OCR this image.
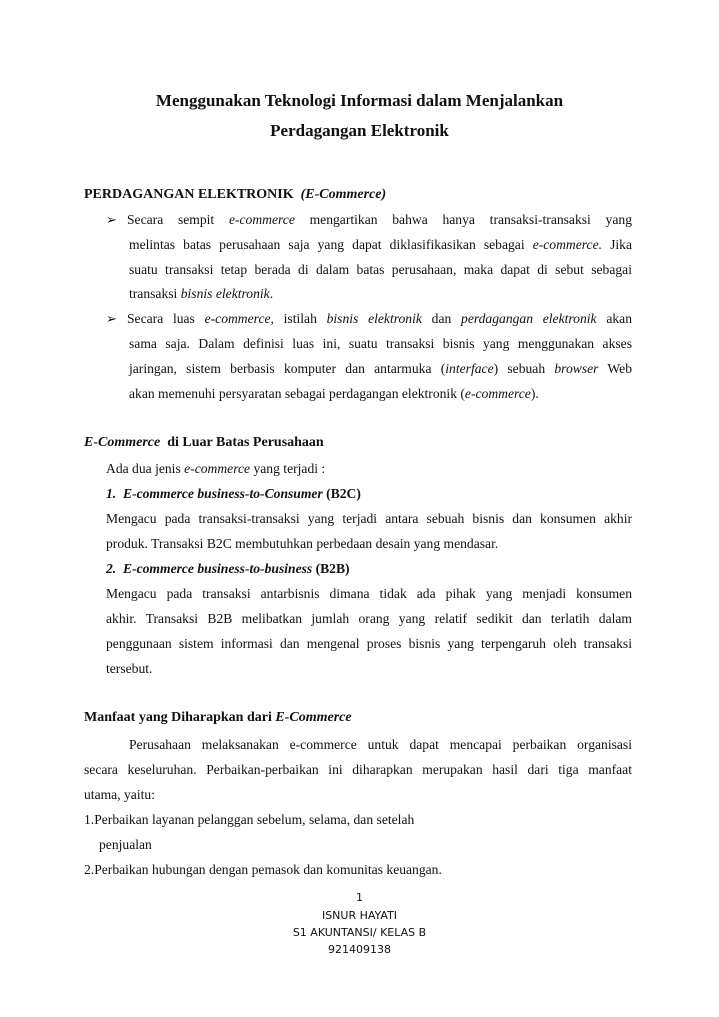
Menggunakan Teknologi Informasi dalam Menjalankan
Perdagangan Elektronik
PERDAGANGAN ELEKTRONIK (E-Commerce)
➢ Secara sempit e-commerce mengartikan bahwa hanya transaksi-transaksi yang
melintas batas perusahaan saja yang dapat diklasifikasikan sebagai e-commerce. Jika
suatu transaksi tetap berada di dalam batas perusahaan, maka dapat di sebut sebagai
transaksi bisnis elektronik.
➢ Secara luas e-commerce, istilah bisnis elektronik dan perdagangan elektronik akan
sama saja. Dalam definisi luas ini, suatu transaksi bisnis yang menggunakan akses
jaringan, sistem berbasis komputer dan antarmuka (interface) sebuah browser Web
akan memenuhi persyaratan sebagai perdagangan elektronik (e-commerce).
E-Commerce  di Luar Batas Perusahaan
Ada dua jenis e-commerce yang terjadi :
1. E-commerce business-to-Consumer (B2C)
Mengacu pada transaksi-transaksi yang terjadi antara sebuah bisnis dan konsumen akhir
produk. Transaksi B2C membutuhkan perbedaan desain yang mendasar.
2. E-commerce business-to-business (B2B)
Mengacu pada transaksi antarbisnis dimana tidak ada pihak yang menjadi konsumen
akhir. Transaksi B2B melibatkan jumlah orang yang relatif sedikit dan terlatih dalam
penggunaan sistem informasi dan mengenal proses bisnis yang terpengaruh oleh transaksi
tersebut.
Manfaat yang Diharapkan dari E-Commerce
Perusahaan melaksanakan e-commerce untuk dapat mencapai perbaikan organisasi
secara keseluruhan. Perbaikan-perbaikan ini diharapkan merupakan hasil dari tiga manfaat
utama, yaitu:
1.Perbaikan layanan pelanggan sebelum, selama, dan setelah
penjualan
2.Perbaikan hubungan dengan pemasok dan komunitas keuangan.
1
ISNUR HAYATI
S1 AKUNTANSI/ KELAS B
921409138
